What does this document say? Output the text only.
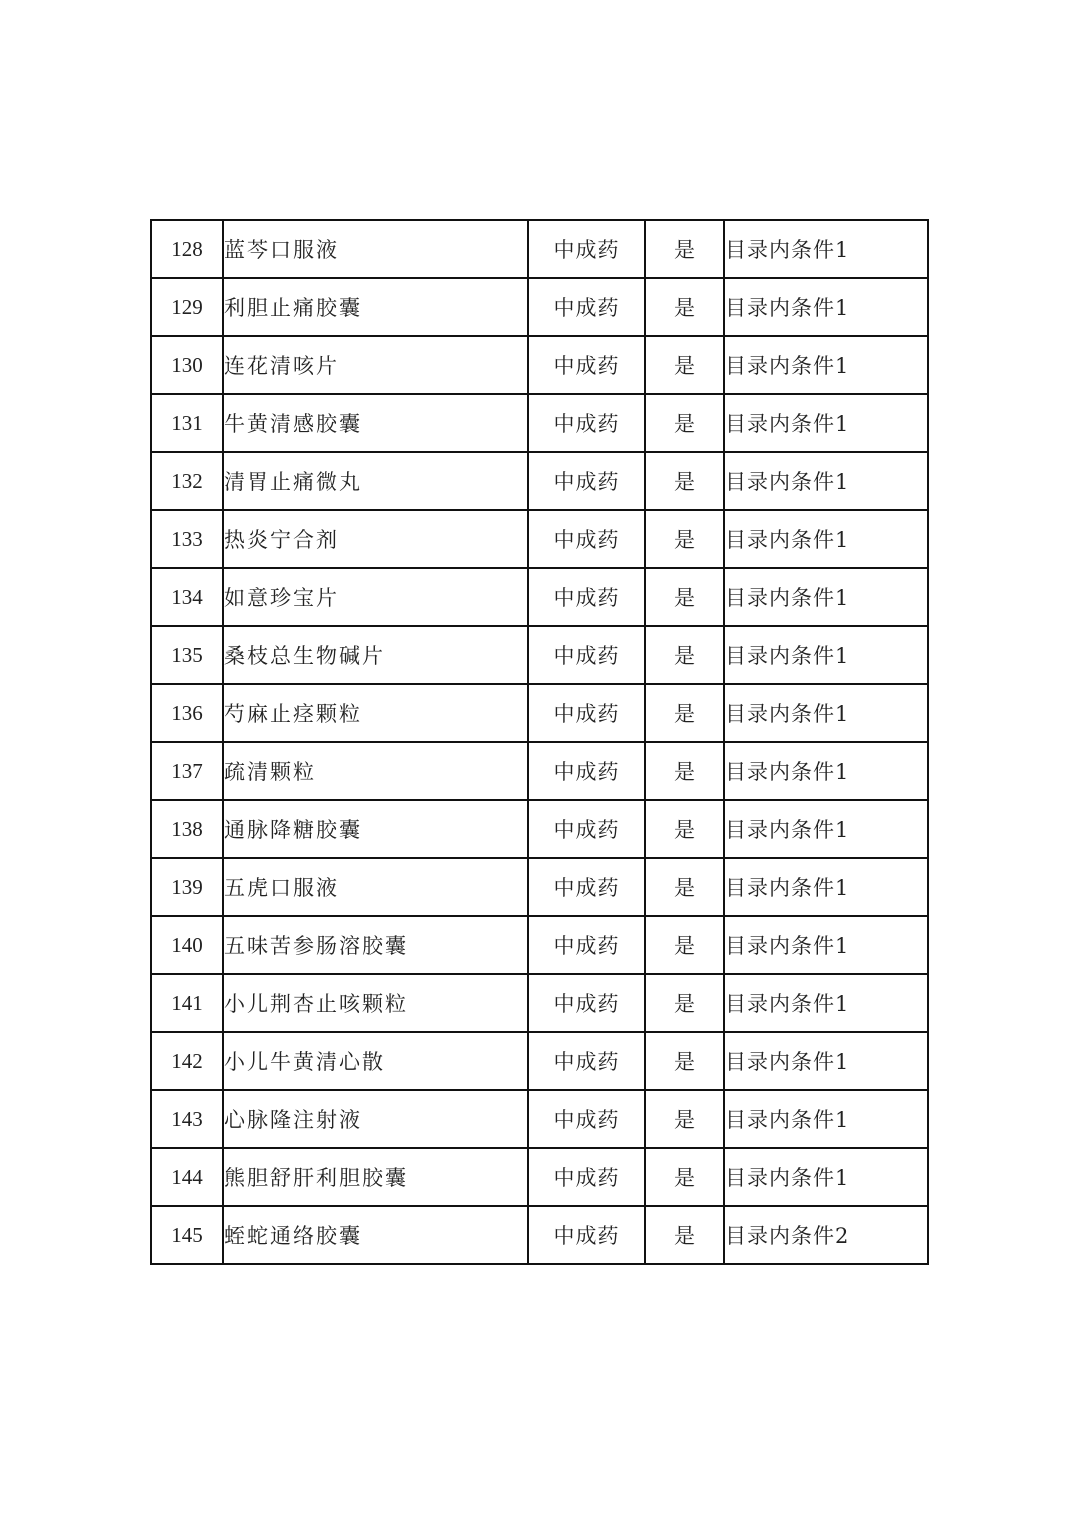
128	蓝芩口服液	中成药	是	目录内条件1
129	利胆止痛胶囊	中成药	是	目录内条件1
130	连花清咳片	中成药	是	目录内条件1
131	牛黄清感胶囊	中成药	是	目录内条件1
132	清胃止痛微丸	中成药	是	目录内条件1
133	热炎宁合剂	中成药	是	目录内条件1
134	如意珍宝片	中成药	是	目录内条件1
135	桑枝总生物碱片	中成药	是	目录内条件1
136	芍麻止痉颗粒	中成药	是	目录内条件1
137	疏清颗粒	中成药	是	目录内条件1
138	通脉降糖胶囊	中成药	是	目录内条件1
139	五虎口服液	中成药	是	目录内条件1
140	五味苦参肠溶胶囊	中成药	是	目录内条件1
141	小儿荆杏止咳颗粒	中成药	是	目录内条件1
142	小儿牛黄清心散	中成药	是	目录内条件1
143	心脉隆注射液	中成药	是	目录内条件1
144	熊胆舒肝利胆胶囊	中成药	是	目录内条件1
145	蛭蛇通络胶囊	中成药	是	目录内条件2
